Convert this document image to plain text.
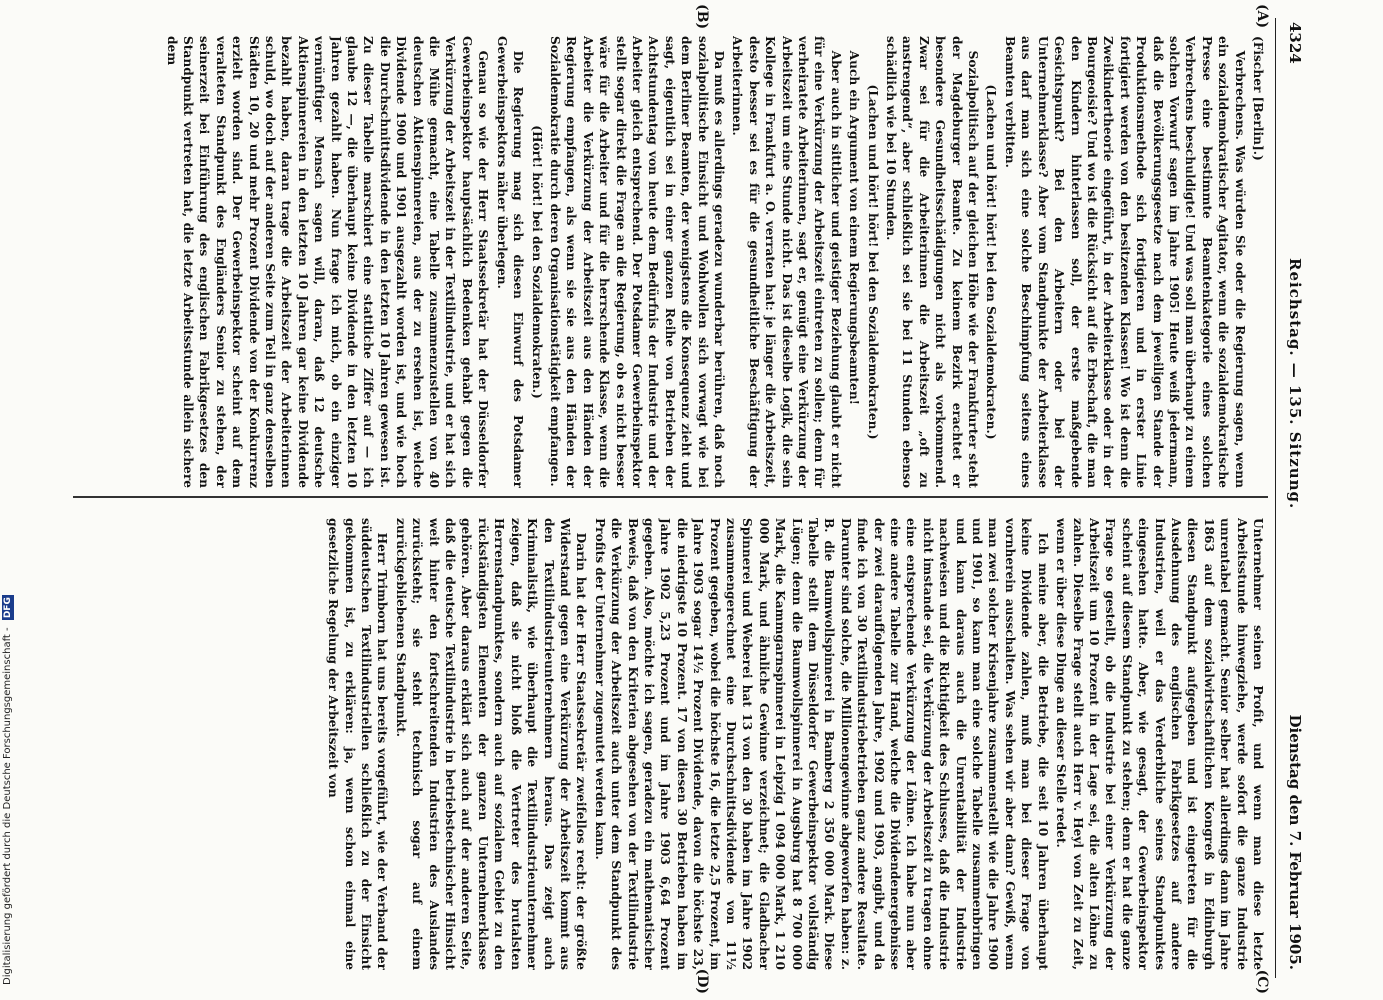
4324
Reichstag. — 135. Sitzung.
Dienstag den 7. Februar 1905.
(A)
(B)
(C)
(D)

(Fischer [Berlin].)

Verbrechens. Was würden Sie oder die Regierung sagen, wenn ein sozialdemokratischer Agitator, wenn die sozialdemokratische Presse eine bestimmte Beamtenkategorie eines solchen Verbrechens beschuldigte! Und was soll man überhaupt zu einem solchen Vorwurf sagen im Jahre 1905! Heute weiß jedermann, daß die Bevölkerungsgesetze nach dem jeweiligen Stande der Produktionsmethode sich fortigieren und in erster Linie fortigiert werden von den besitzenden Klassen! Wo ist denn die Zweikindertheorie eingeführt, in der Arbeiterklasse oder in der Bourgeoisie? Und wo ist die Rücksicht auf die Erbschaft, die man den Kindern hinterlassen soll, der erste maßgebende Gesichtspunkt? Bei den Arbeitern oder bei der Unternehmerklasse? Aber vom Standpunkte der Arbeiterklasse aus darf man sich eine solche Beschimpfung seitens eines Beamten verbitten.

(Lachen und hört! hört! bei den Sozialdemokraten.)

Sozialpolitisch auf der gleichen Höhe wie der Frankfurter steht der Magdeburger Beamte. Zu keinem Bezirk erachtet er besondere Gesundheitsschädigungen nicht als vorkommend. Zwar sei für die Arbeiterinnen die Arbeitszeit „oft zu anstrengend“, aber schließlich sei sie bei 11 Stunden ebenso schädlich wie bei 10 Stunden.

(Lachen und hört! hört! bei den Sozialdemokraten.)

Auch ein Argument von einem Regierungsbeamten!

Aber auch in sittlicher und geistiger Beziehung glaubt er nicht für eine Verkürzung der Arbeitszeit eintreten zu sollen; denn für verheiratete Arbeiterinnen, sagt er, genügt eine Verkürzung der Arbeitszeit um eine Stunde nicht. Das ist dieselbe Logik, die sein Kollege in Frankfurt a. O. verraten hat: je länger die Arbeitszeit, desto besser sei es für die gesundheitliche Beschäftigung der Arbeiterinnen.

Da muß es allerdings geradezu wunderbar berühren, daß noch sozialpolitische Einsicht und Wohlwollen sich vorwagt wie bei dem Berliner Beamten, der wenigstens die Konsequenz zieht und sagt, eigentlich sei in einer ganzen Reihe von Betrieben der Achtstundentag von heute dem Bedürfnis der Industrie und der Arbeiter gleich entsprechend. Der Potsdamer Gewerbeinspektor stellt sogar direkt die Frage an die Regierung, ob es nicht besser wäre für die Arbeiter und für die herrschende Klasse, wenn die Arbeiter die Verkürzung der Arbeitszeit aus den Händen der Regierung empfangen, als wenn sie sie aus den Händen der Sozialdemokratie durch deren Organisationstätigkeit empfangen.

(Hört! hört! bei den Sozialdemokraten.)

Die Regierung mag sich diesen Einwurf des Potsdamer Gewerbeinspektors näher überlegen.

Genau so wie der Herr Staatssekretär hat der Düsseldorfer Gewerbeinspektor hauptsächlich Bedenken gehabt gegen die Verkürzung der Arbeitszeit in der Textilindustrie, und er hat sich die Mühe gemacht, eine Tabelle zusammenzustellen von 40 deutschen Aktienspinnereien, aus der zu ersehen ist, welche Dividende 1900 und 1901 ausgezahlt worden ist, und wie hoch die Durchschnittsdividende in den letzten 10 Jahren gewesen ist. Zu dieser Tabelle marschiert eine stattliche Ziffer auf — ich glaube 12 —, die überhaupt keine Dividende in den letzten 10 Jahren gezahlt haben. Nun frage ich mich, ob ein einziger vernünftiger Mensch sagen will, daran, daß 12 deutsche Aktienspinnereien in den letzten 10 Jahren gar keine Dividende bezahlt haben, daran trage die Arbeitszeit der Arbeiterinnen schuld, wo doch auf der anderen Seite zum Teil in ganz denselben Städten 10, 20 und mehr Prozent Dividende von der Konkurrenz erzielt worden sind. Der Gewerbeinspektor scheint auf dem veralteten Standpunkt des Engländers Senior zu stehen, der seinerzeit bei Einführung des englischen Fabrikgesetzes den Standpunkt vertreten hat, die letzte Arbeitsstunde allein sichere dem

Unternehmer seinen Profit, und wenn man diese letzte Arbeitsstunde hinwegziehe, werde sofort die ganze Industrie unrentabel gemacht. Senior selber hat allerdings dann im Jahre 1863 auf dem sozialwirtschaftlichen Kongreß in Edinburgh diesen Standpunkt aufgegeben und ist eingetreten für die Ausdehnung des englischen Fabrikgesetzes auf andere Industrien, weil er das Verderbliche seines Standpunktes eingesehen hatte. Aber, wie gesagt, der Gewerbeinspektor scheint auf diesem Standpunkt zu stehen; denn er hat die ganze Frage so gestellt, ob die Industrie bei einer Verkürzung der Arbeitszeit um 10 Prozent in der Lage sei, die alten Löhne zu zahlen. Dieselbe Frage stellt auch Herr v. Heyl von Zeit zu Zeit, wenn er über diese Dinge an dieser Stelle redet.

Ich meine aber, die Betriebe, die seit 10 Jahren überhaupt keine Dividende zahlen, muß man bei dieser Frage von vornherein ausschalten. Was sehen wir aber dann? Gewiß, wenn man zwei solcher Krisenjahre zusammenstellt wie die Jahre 1900 und 1901, so kann man eine solche Tabelle zusammenbringen und kann daraus auch die Unrentabilität der Industrie nachweisen und die Richtigkeit des Schlusses, daß die Industrie nicht imstande sei, die Verkürzung der Arbeitszeit zu tragen ohne eine entsprechende Verkürzung der Löhne. Ich habe nun aber eine andere Tabelle zur Hand, welche die Dividendenergebnisse der zwei darauffolgenden Jahre, 1902 und 1903, angibt, und da finde ich von 30 Textilindustriebetrieben ganz andere Resultate. Darunter sind solche, die Millionengewinne abgeworfen haben: z. B. die Baumwollspinnerei in Bamberg 2 350 000 Mark. Diese Tabelle stellt dem Düsseldorfer Gewerbeinspektor vollständig Lügen; denn die Baumwollspinnerei in Augsburg hat 8 700 000 Mark, die Kammgarnspinnerei in Leipzig 1 094 000 Mark, 1 210 000 Mark, und ähnliche Gewinne verzeichnet; die Gladbacher Spinnerei und Weberei hat 13 von den 30 haben im Jahre 1902 zusammengerechnet eine Durchschnittsdividende von 11½ Prozent gegeben, wobei die höchste 16, die letzte 2,5 Prozent, im Jahre 1903 sogar 14½ Prozent Dividende, davon die höchste 23, die niedrigste 10 Prozent. 17 von diesen 30 Betrieben haben im Jahre 1902 5,23 Prozent und im Jahre 1903 6,64 Prozent gegeben. Also, möchte ich sagen, geradezu ein mathematischer Beweis, daß von den Kriterien abgesehen von der Textilindustrie die Verkürzung der Arbeitszeit auch unter dem Standpunkt des Profits der Unternehmer zugemutet werden kann.

Darin hat der Herr Staatssekretär zweifellos recht: der größte Widerstand gegen eine Verkürzung der Arbeitszeit kommt aus den Textilindustrieunternehmern heraus. Das zeigt auch Kriminalistik, wie überhaupt die Textilindustrieunternehmer zeigen, daß sie nicht bloß die Vertreter des brutalsten Herrenstandpunktes, sondern auch auf sozialem Gebiet zu den rückständigsten Elementen der ganzen Unternehmerklasse gehören. Aber daraus erklärt sich auch auf der anderen Seite, daß die deutsche Textilindustrie in betriebstechnischer Hinsicht weit hinter den fortschreitenden Industrien des Auslandes zurücksteht; sie steht technisch sogar auf einem zurückgebliebenen Standpunkt.

Herr Trimborn hat uns bereits vorgeführt, wie der Verband der süddeutschen Textilindustriellen schließlich zu der Einsicht gekommen ist, zu erklären: ja, wenn schon einmal eine gesetzliche Regelung der Arbeitszeit von

Digitalisierung gefördert durch die Deutsche Forschungsgemeinschaft - DFG
